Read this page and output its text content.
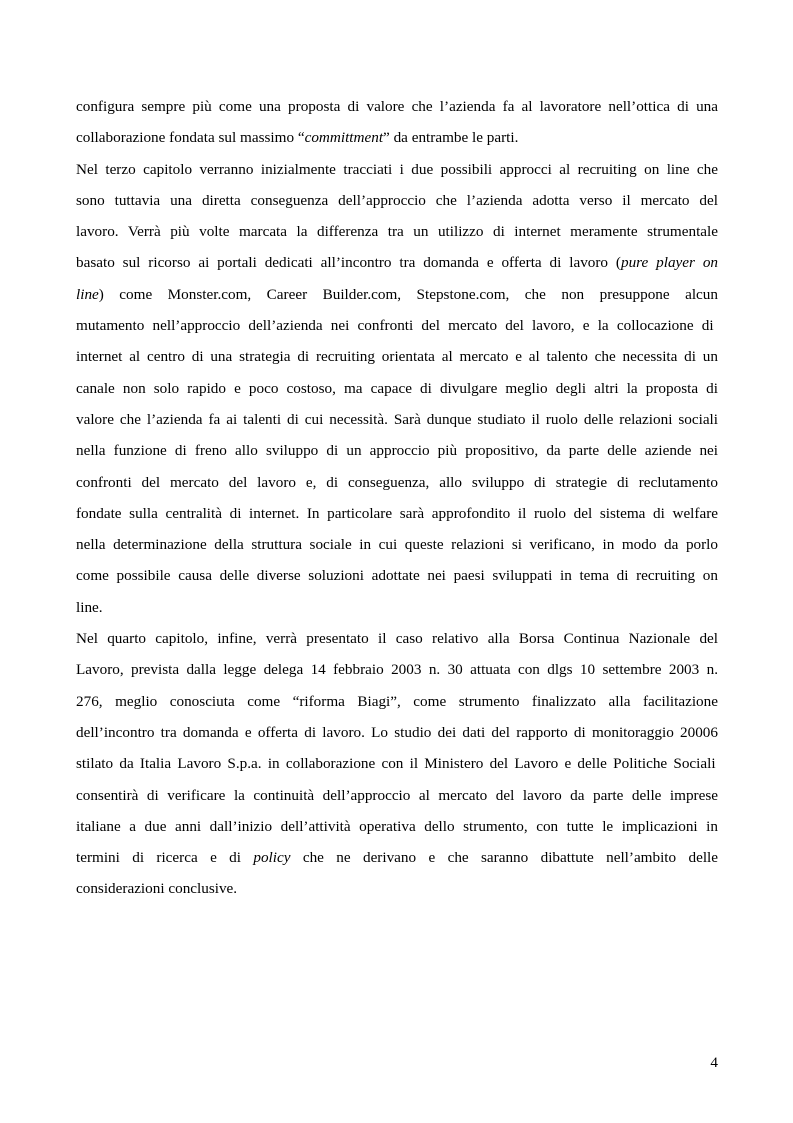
configura sempre più come una proposta di valore che l’azienda fa al lavoratore nell’ottica di una
collaborazione fondata sul massimo “committment” da entrambe le parti.
Nel terzo capitolo verranno inizialmente tracciati i due possibili approcci al recruiting on line che
sono tuttavia una diretta conseguenza dell’approccio che l’azienda adotta verso il mercato del
lavoro. Verrà più volte marcata la differenza tra un utilizzo di internet meramente strumentale
basato sul ricorso ai portali dedicati all’incontro tra domanda e offerta di lavoro (pure player on
line) come Monster.com, Career Builder.com, Stepstone.com, che non presuppone alcun
mutamento nell’approccio dell’azienda nei confronti del mercato del lavoro, e la collocazione di
internet al centro di una strategia di recruiting orientata al mercato e al talento che necessita di un
canale non solo rapido e poco costoso, ma capace di divulgare meglio degli altri la proposta di
valore che l’azienda fa ai talenti di cui necessità. Sarà dunque studiato il ruolo delle relazioni sociali
nella funzione di freno allo sviluppo di un approccio più propositivo, da parte delle aziende nei
confronti del mercato del lavoro e, di conseguenza, allo sviluppo di strategie di reclutamento
fondate sulla centralità di internet. In particolare sarà approfondito il ruolo del sistema di welfare
nella determinazione della struttura sociale in cui queste relazioni si verificano, in modo da porlo
come possibile causa delle diverse soluzioni adottate nei paesi sviluppati in tema di recruiting on
line.
Nel quarto capitolo, infine, verrà presentato il caso relativo alla Borsa Continua Nazionale del
Lavoro, prevista dalla legge delega 14 febbraio 2003 n. 30 attuata con dlgs 10 settembre 2003 n.
276, meglio conosciuta come “riforma Biagi”, come strumento finalizzato alla facilitazione
dell’incontro tra domanda e offerta di lavoro. Lo studio dei dati del rapporto di monitoraggio 20006
stilato da Italia Lavoro S.p.a. in collaborazione con il Ministero del Lavoro e delle Politiche Sociali
consentirà di verificare la continuità dell’approccio al mercato del lavoro da parte delle imprese
italiane a due anni dall’inizio dell’attività operativa dello strumento, con tutte le implicazioni in
termini di ricerca e di policy che ne derivano e che saranno dibattute nell’ambito delle
considerazioni conclusive.
4
